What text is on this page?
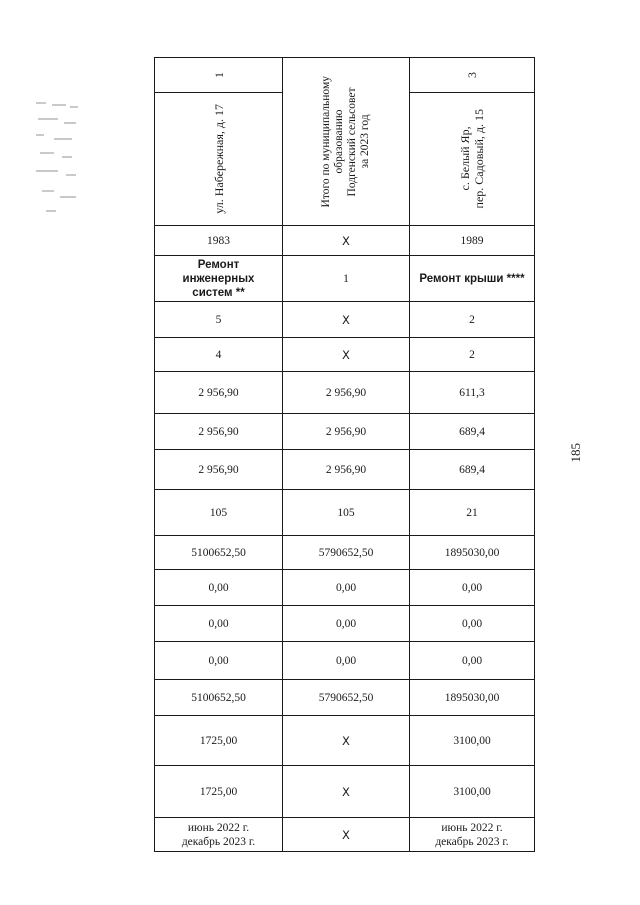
1	Итого по муниципальному
образованию
Подгенский сельсовет
за 2023 год	3

ул. Набережная, д. 17		с. Белый Яр,
пер. Садовый, д. 15

1983	X	1989
Ремонт инженерных систем **	1	Ремонт крыши ****
5	X	2
4	X	2
2 956,90	2 956,90	611,3
2 956,90	2 956,90	689,4
2 956,90	2 956,90	689,4
105	105	21
5100652,50	5790652,50	1895030,00
0,00	0,00	0,00
0,00	0,00	0,00
0,00	0,00	0,00
5100652,50	5790652,50	1895030,00
1725,00	X	3100,00
1725,00	X	3100,00
июнь 2022 г. декабрь 2023 г.	X	июнь 2022 г. декабрь 2023 г.
185
